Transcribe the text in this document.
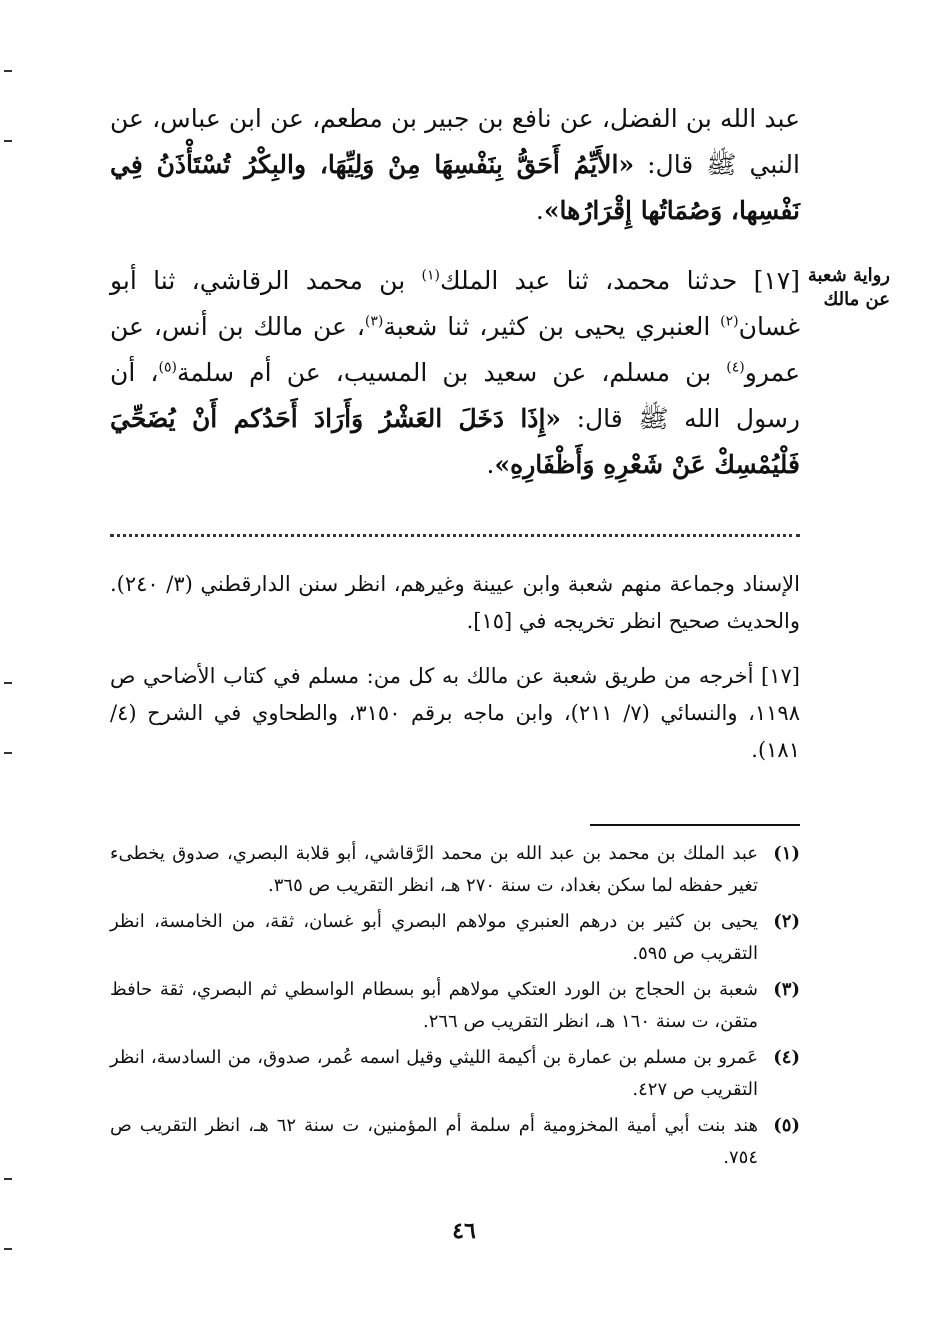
عبد الله بن الفضل، عن نافع بن جبير بن مطعم، عن ابن عباس، عن النبي ﷺ قال: «الأَيِّمُ أَحَقُّ بِنَفْسِهَا مِنْ وَلِيِّهَا، والبِكْرُ تُسْتَأْذَنُ فِي نَفْسِها، وَصُمَاتُها إِقْرَارُها».

[١٧] حدثنا محمد، ثنا عبد الملك$^{(١)}$ بن محمد الرقاشي، ثنا أبو غسان$^{(٢)}$ العنبري يحيى بن كثير، ثنا شعبة$^{(٣)}$، عن مالك بن أنس، عن عمرو$^{(٤)}$ بن مسلم، عن سعيد بن المسيب، عن أم سلمة$^{(٥)}$، أن رسول الله ﷺ قال: «إِذَا دَخَلَ العَشْرُ وَأَرَادَ أَحَدُكم أَنْ يُضَحِّيَ فَلْيُمْسِكْ عَنْ شَعْرِهِ وَأَظْفَارِهِ».

رواية شعبة
عن مالك

الإسناد وجماعة منهم شعبة وابن عيينة وغيرهم، انظر سنن الدارقطني (٣/ ٢٤٠). والحديث صحيح انظر تخريجه في [١٥].

[١٧] أخرجه من طريق شعبة عن مالك به كل من: مسلم في كتاب الأضاحي ص ١١٩٨، والنسائي (٧/ ٢١١)، وابن ماجه برقم ٣١٥٠، والطحاوي في الشرح (٤/ ١٨١).

(١)
عبد الملك بن محمد بن عبد الله بن محمد الرَّقاشي، أبو قلابة البصري، صدوق يخطىء تغير حفظه لما سكن بغداد، ت سنة ٢٧٠ هـ، انظر التقريب ص ٣٦٥.
(٢)
يحيى بن كثير بن درهم العنبري مولاهم البصري أبو غسان، ثقة، من الخامسة، انظر التقريب ص ٥٩٥.
(٣)
شعبة بن الحجاج بن الورد العتكي مولاهم أبو بسطام الواسطي ثم البصري، ثقة حافظ متقن، ت سنة ١٦٠ هـ، انظر التقريب ص ٢٦٦.
(٤)
عَمرو بن مسلم بن عمارة بن أكيمة الليثي وقيل اسمه عُمر، صدوق، من السادسة، انظر التقريب ص ٤٢٧.
(٥)
هند بنت أبي أمية المخزومية أم سلمة أم المؤمنين، ت سنة ٦٢ هـ، انظر التقريب ص ٧٥٤.
٤٦
